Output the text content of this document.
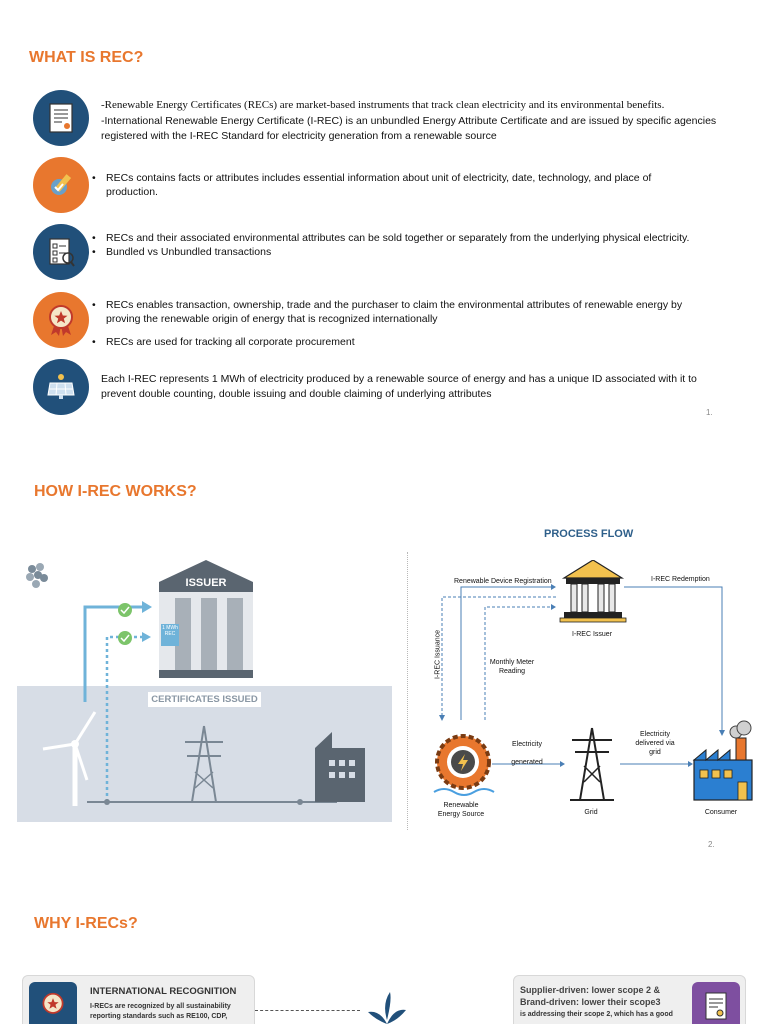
WHAT IS REC?
-Renewable Energy Certificates (RECs) are market-based instruments that track clean electricity and its environmental benefits.
-International Renewable Energy Certificate (I-REC) is an unbundled Energy Attribute Certificate and are issued by specific agencies registered with the I-REC Standard for electricity generation from a renewable source
• RECs contains facts or attributes includes essential information about unit of electricity, date, technology, and place of production.
• RECs and their associated environmental attributes can be sold together or separately from the underlying physical electricity.
• Bundled vs Unbundled transactions
• RECs enables transaction, ownership, trade and the purchaser to claim the environmental attributes of renewable energy by proving the renewable origin of energy that is recognized internationally
• RECs are used for tracking all corporate procurement
Each I-REC represents 1 MWh of electricity produced by a renewable source of energy and has a unique ID associated with it to prevent double counting, double issuing and double claiming of underlying attributes
1.
HOW I-REC WORKS?
ISSUER
1 MWh REC
CERTIFICATES ISSUED
PROCESS FLOW
Renewable Device Registration	I-REC Redemption
I-REC Issuer
I-REC Issuance	Monthly Meter Reading
Electricity
generated
Electricity delivered via grid
Renewable Energy Source	Grid	Consumer
2.
WHY I-RECs?
INTERNATIONAL RECOGNITION
I-RECs are recognized by all sustainability reporting standards such as RE100, CDP,
Supplier-driven: lower scope 2 & Brand-driven: lower their scope3
is addressing their scope 2, which has a good
